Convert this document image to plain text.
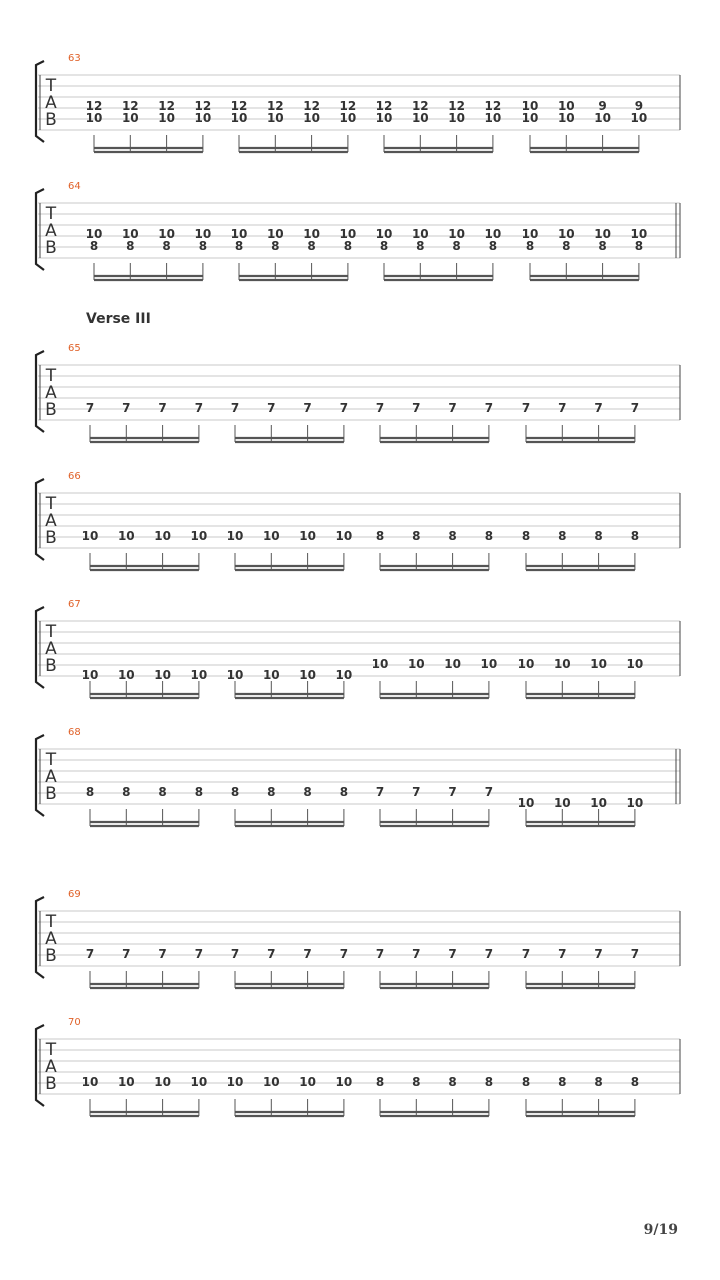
63
T
A
B
12
10
12
10
12
10
12
10
12
10
12
10
12
10
12
10
12
10
12
10
12
10
12
10
10
10
10
10
9
10
9
10
64
T
A
B
10
8
10
8
10
8
10
8
10
8
10
8
10
8
10
8
10
8
10
8
10
8
10
8
10
8
10
8
10
8
10
8
Verse III
65
T
A
B 7 7 7 7 7 7 7 7 7 7 7 7 7 7 7 7
66
T
A
B 10 10 10 10 10 10 10 10 8 8 8 8 8 8 8 8
67
T
A
B 10 10 10 10 10 10 10 10
10 10 10 10 10 10 10 10
68
T
A
B 8 8 8 8 8 8 8 8 7 7 7 7
10 10 10 10
69
T
A
B 7 7 7 7 7 7 7 7 7 7 7 7 7 7 7 7
70
T
A
B 10 10 10 10 10 10 10 10 8 8 8 8 8 8 8 8
9/19
